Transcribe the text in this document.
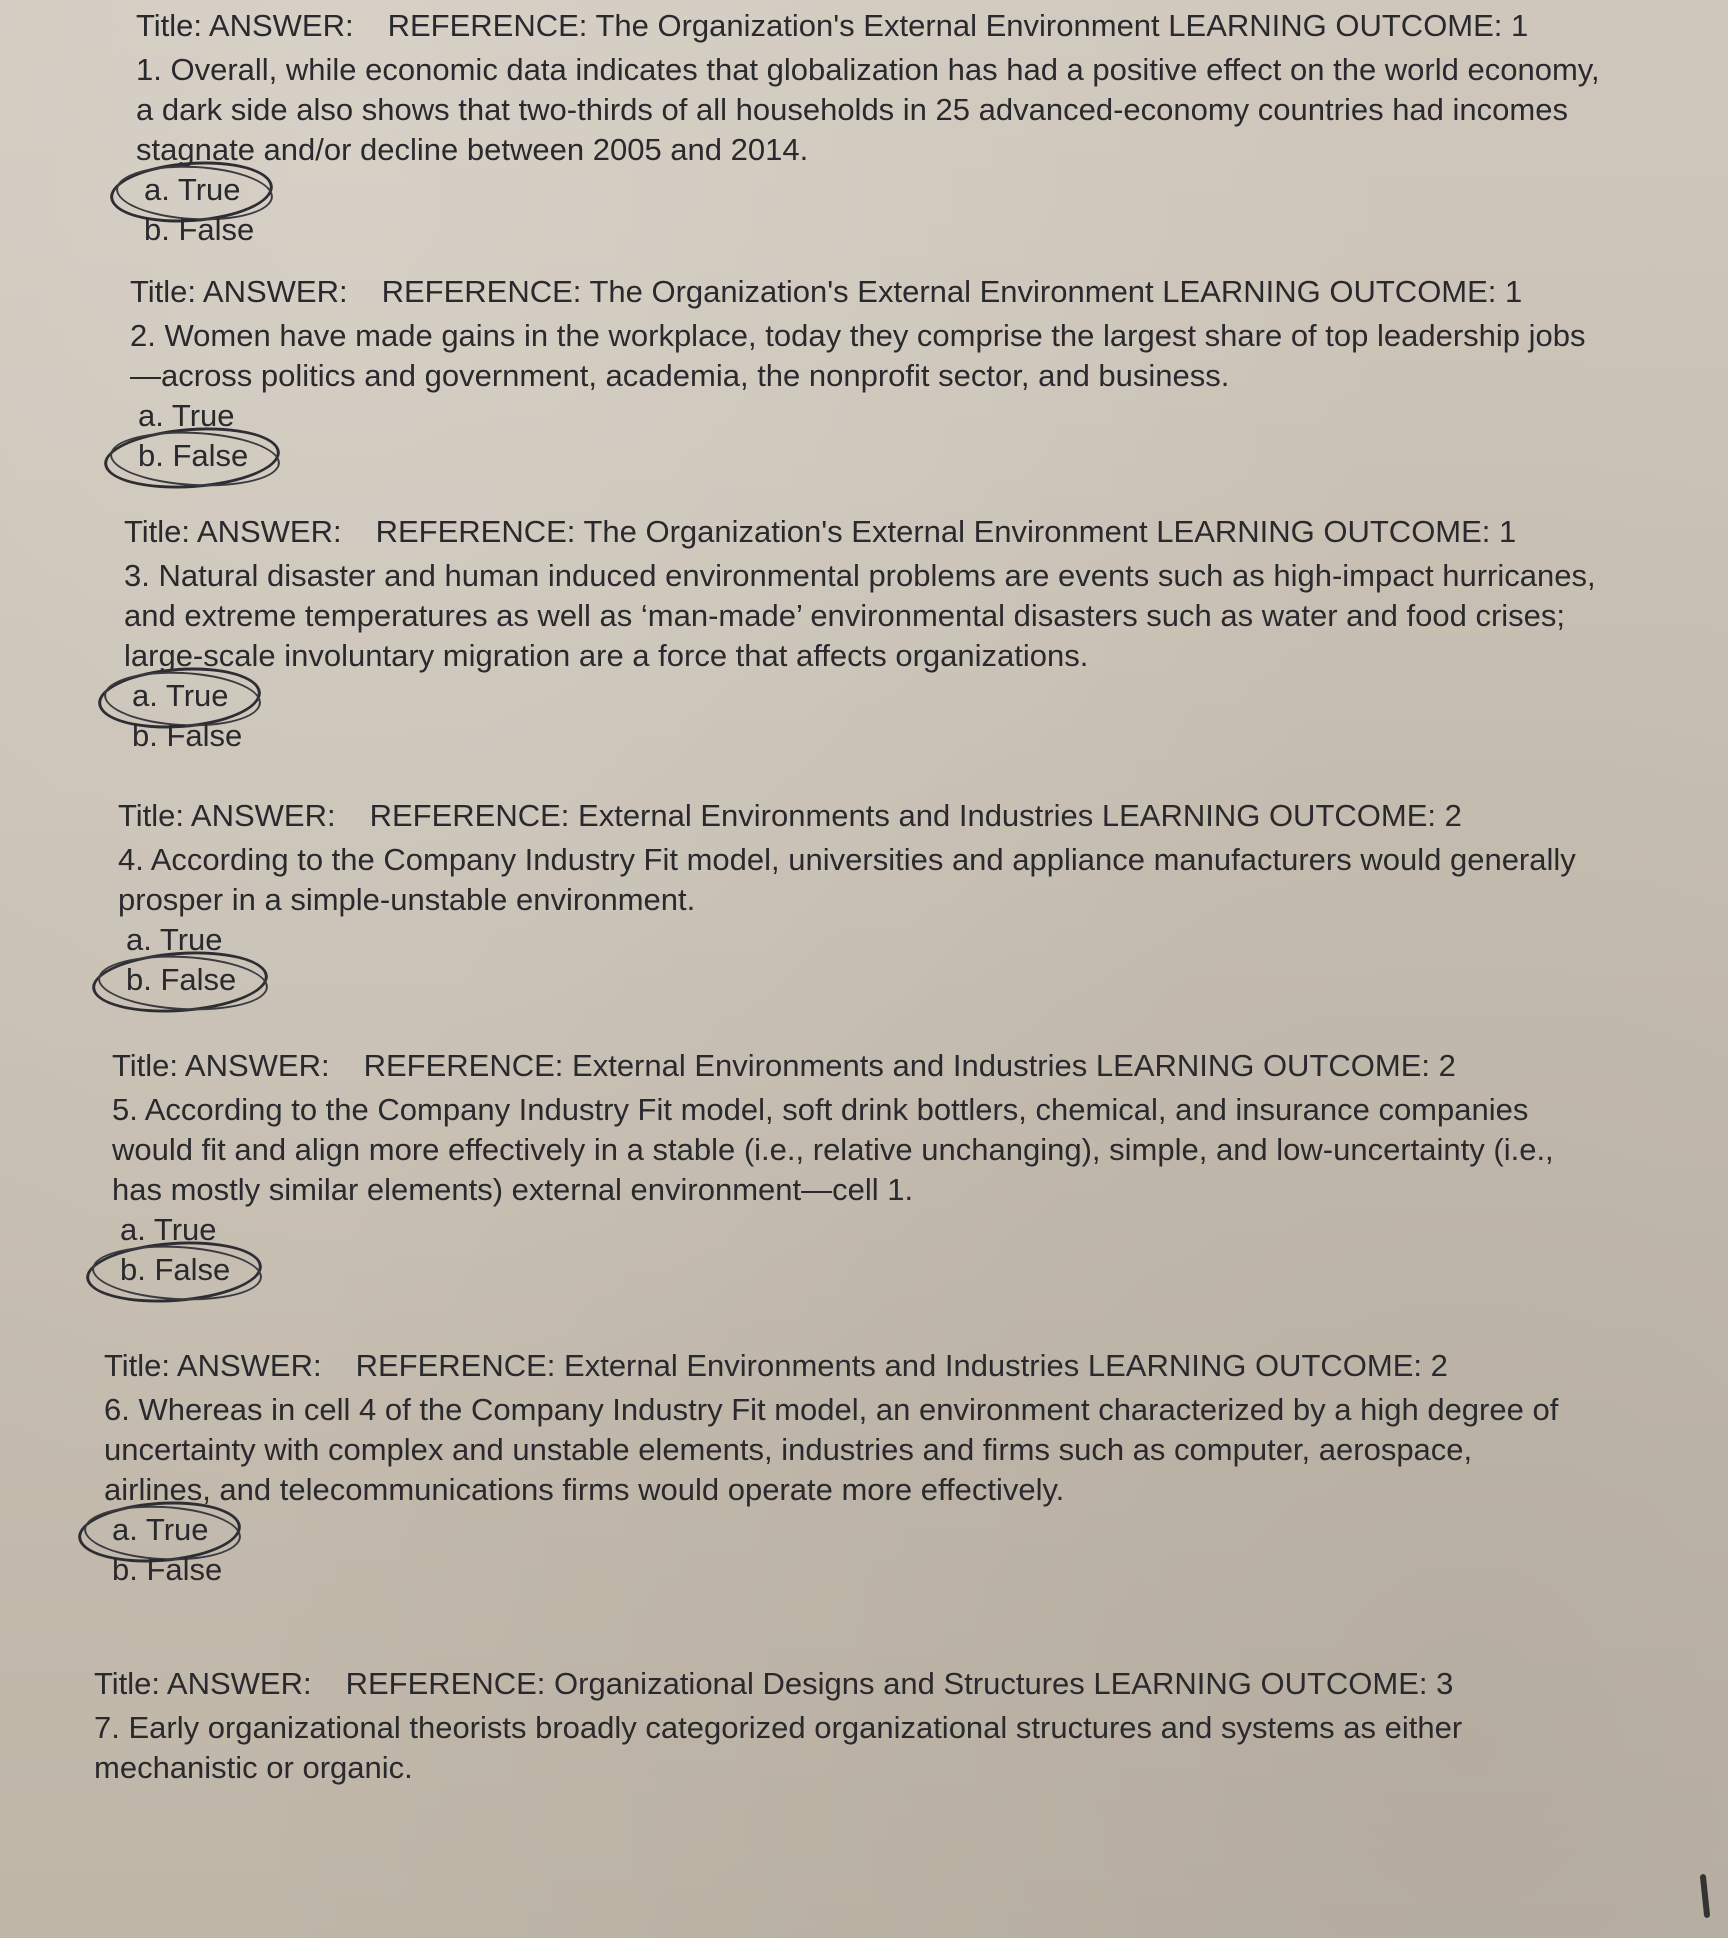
Title: ANSWER: REFERENCE: The Organization's External Environment LEARNING OUTCOME: 1
1. Overall, while economic data indicates that globalization has had a positive effect on the world economy, a dark side also shows that two-thirds of all households in 25 advanced-economy countries had incomes stagnate and/or decline between 2005 and 2014.
a. True
b. False
Title: ANSWER: REFERENCE: The Organization's External Environment LEARNING OUTCOME: 1
2. Women have made gains in the workplace, today they comprise the largest share of top leadership jobs—across politics and government, academia, the nonprofit sector, and business.
a. True
b. False
Title: ANSWER: REFERENCE: The Organization's External Environment LEARNING OUTCOME: 1
3. Natural disaster and human induced environmental problems are events such as high-impact hurricanes, and extreme temperatures as well as ‘man-made’ environmental disasters such as water and food crises; large-scale involuntary migration are a force that affects organizations.
a. True
b. False
Title: ANSWER: REFERENCE: External Environments and Industries LEARNING OUTCOME: 2
4. According to the Company Industry Fit model, universities and appliance manufacturers would generally prosper in a simple-unstable environment.
a. True
b. False
Title: ANSWER: REFERENCE: External Environments and Industries LEARNING OUTCOME: 2
5. According to the Company Industry Fit model, soft drink bottlers, chemical, and insurance companies would fit and align more effectively in a stable (i.e., relative unchanging), simple, and low-uncertainty (i.e., has mostly similar elements) external environment—cell 1.
a. True
b. False
Title: ANSWER: REFERENCE: External Environments and Industries LEARNING OUTCOME: 2
6. Whereas in cell 4 of the Company Industry Fit model, an environment characterized by a high degree of uncertainty with complex and unstable elements, industries and firms such as computer, aerospace, airlines, and telecommunications firms would operate more effectively.
a. True
b. False
Title: ANSWER: REFERENCE: Organizational Designs and Structures LEARNING OUTCOME: 3
7. Early organizational theorists broadly categorized organizational structures and systems as either mechanistic or organic.
